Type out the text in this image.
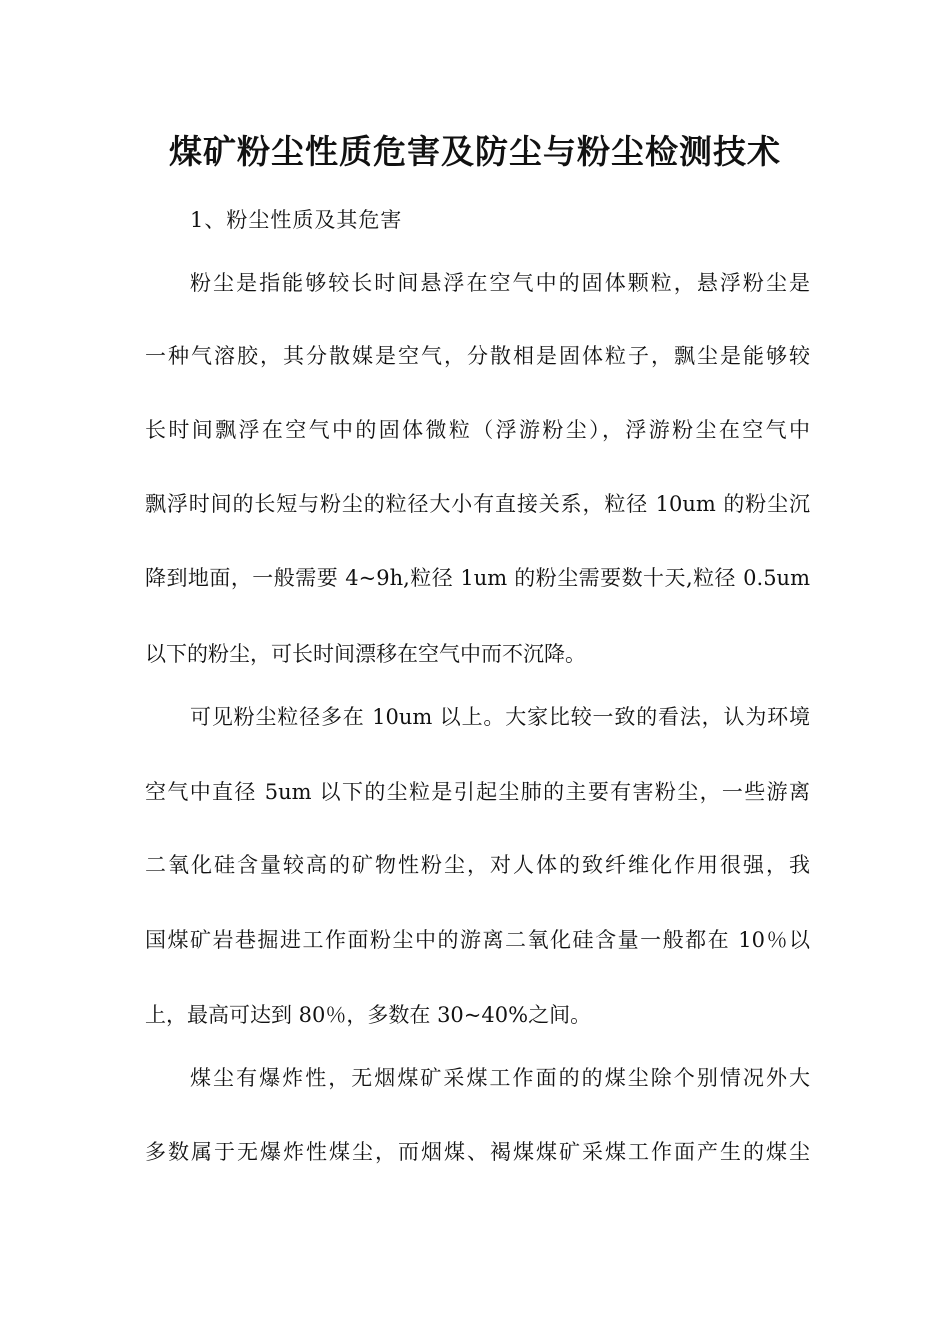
煤矿粉尘性质危害及防尘与粉尘检测技术

1、粉尘性质及其危害

粉尘是指能够较长时间悬浮在空气中的固体颗粒，悬浮粉尘是

一种气溶胶，其分散媒是空气，分散相是固体粒子，飘尘是能够较

长时间飘浮在空气中的固体微粒（浮游粉尘），浮游粉尘在空气中

飘浮时间的长短与粉尘的粒径大小有直接关系，粒径 10um 的粉尘沉

降到地面，一般需要 4~9h,粒径 1um 的粉尘需要数十天,粒径 0.5um

以下的粉尘，可长时间漂移在空气中而不沉降。

可见粉尘粒径多在 10um 以上。大家比较一致的看法，认为环境

空气中直径 5um 以下的尘粒是引起尘肺的主要有害粉尘，一些游离

二氧化硅含量较高的矿物性粉尘，对人体的致纤维化作用很强，我

国煤矿岩巷掘进工作面粉尘中的游离二氧化硅含量一般都在 10％以

上，最高可达到 80％，多数在 30~40%之间。

煤尘有爆炸性，无烟煤矿采煤工作面的的煤尘除个别情况外大

多数属于无爆炸性煤尘，而烟煤、褐煤煤矿采煤工作面产生的煤尘
